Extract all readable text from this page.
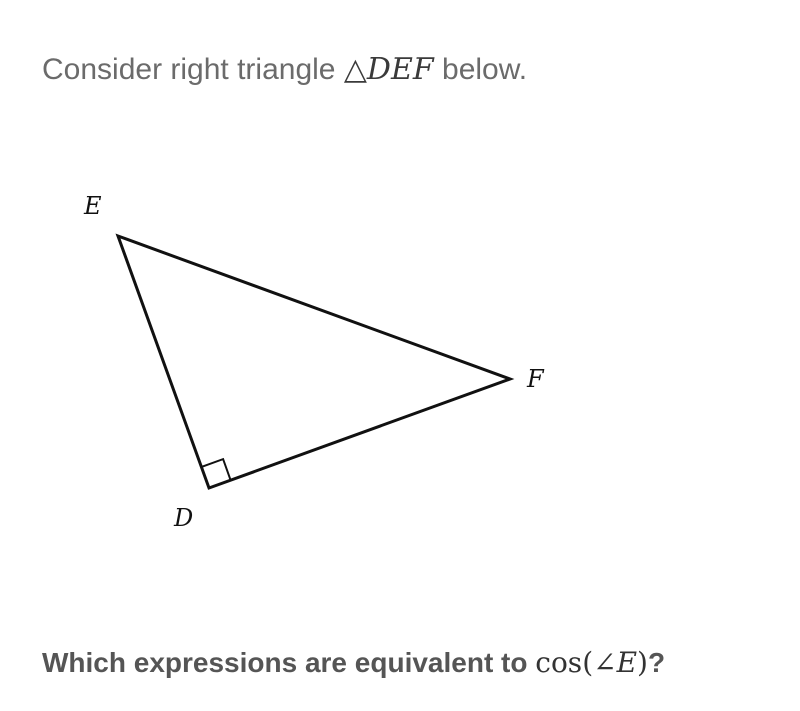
Consider right triangle △DEF below.
E
F
D
Which expressions are equivalent to cos(∠E)?
